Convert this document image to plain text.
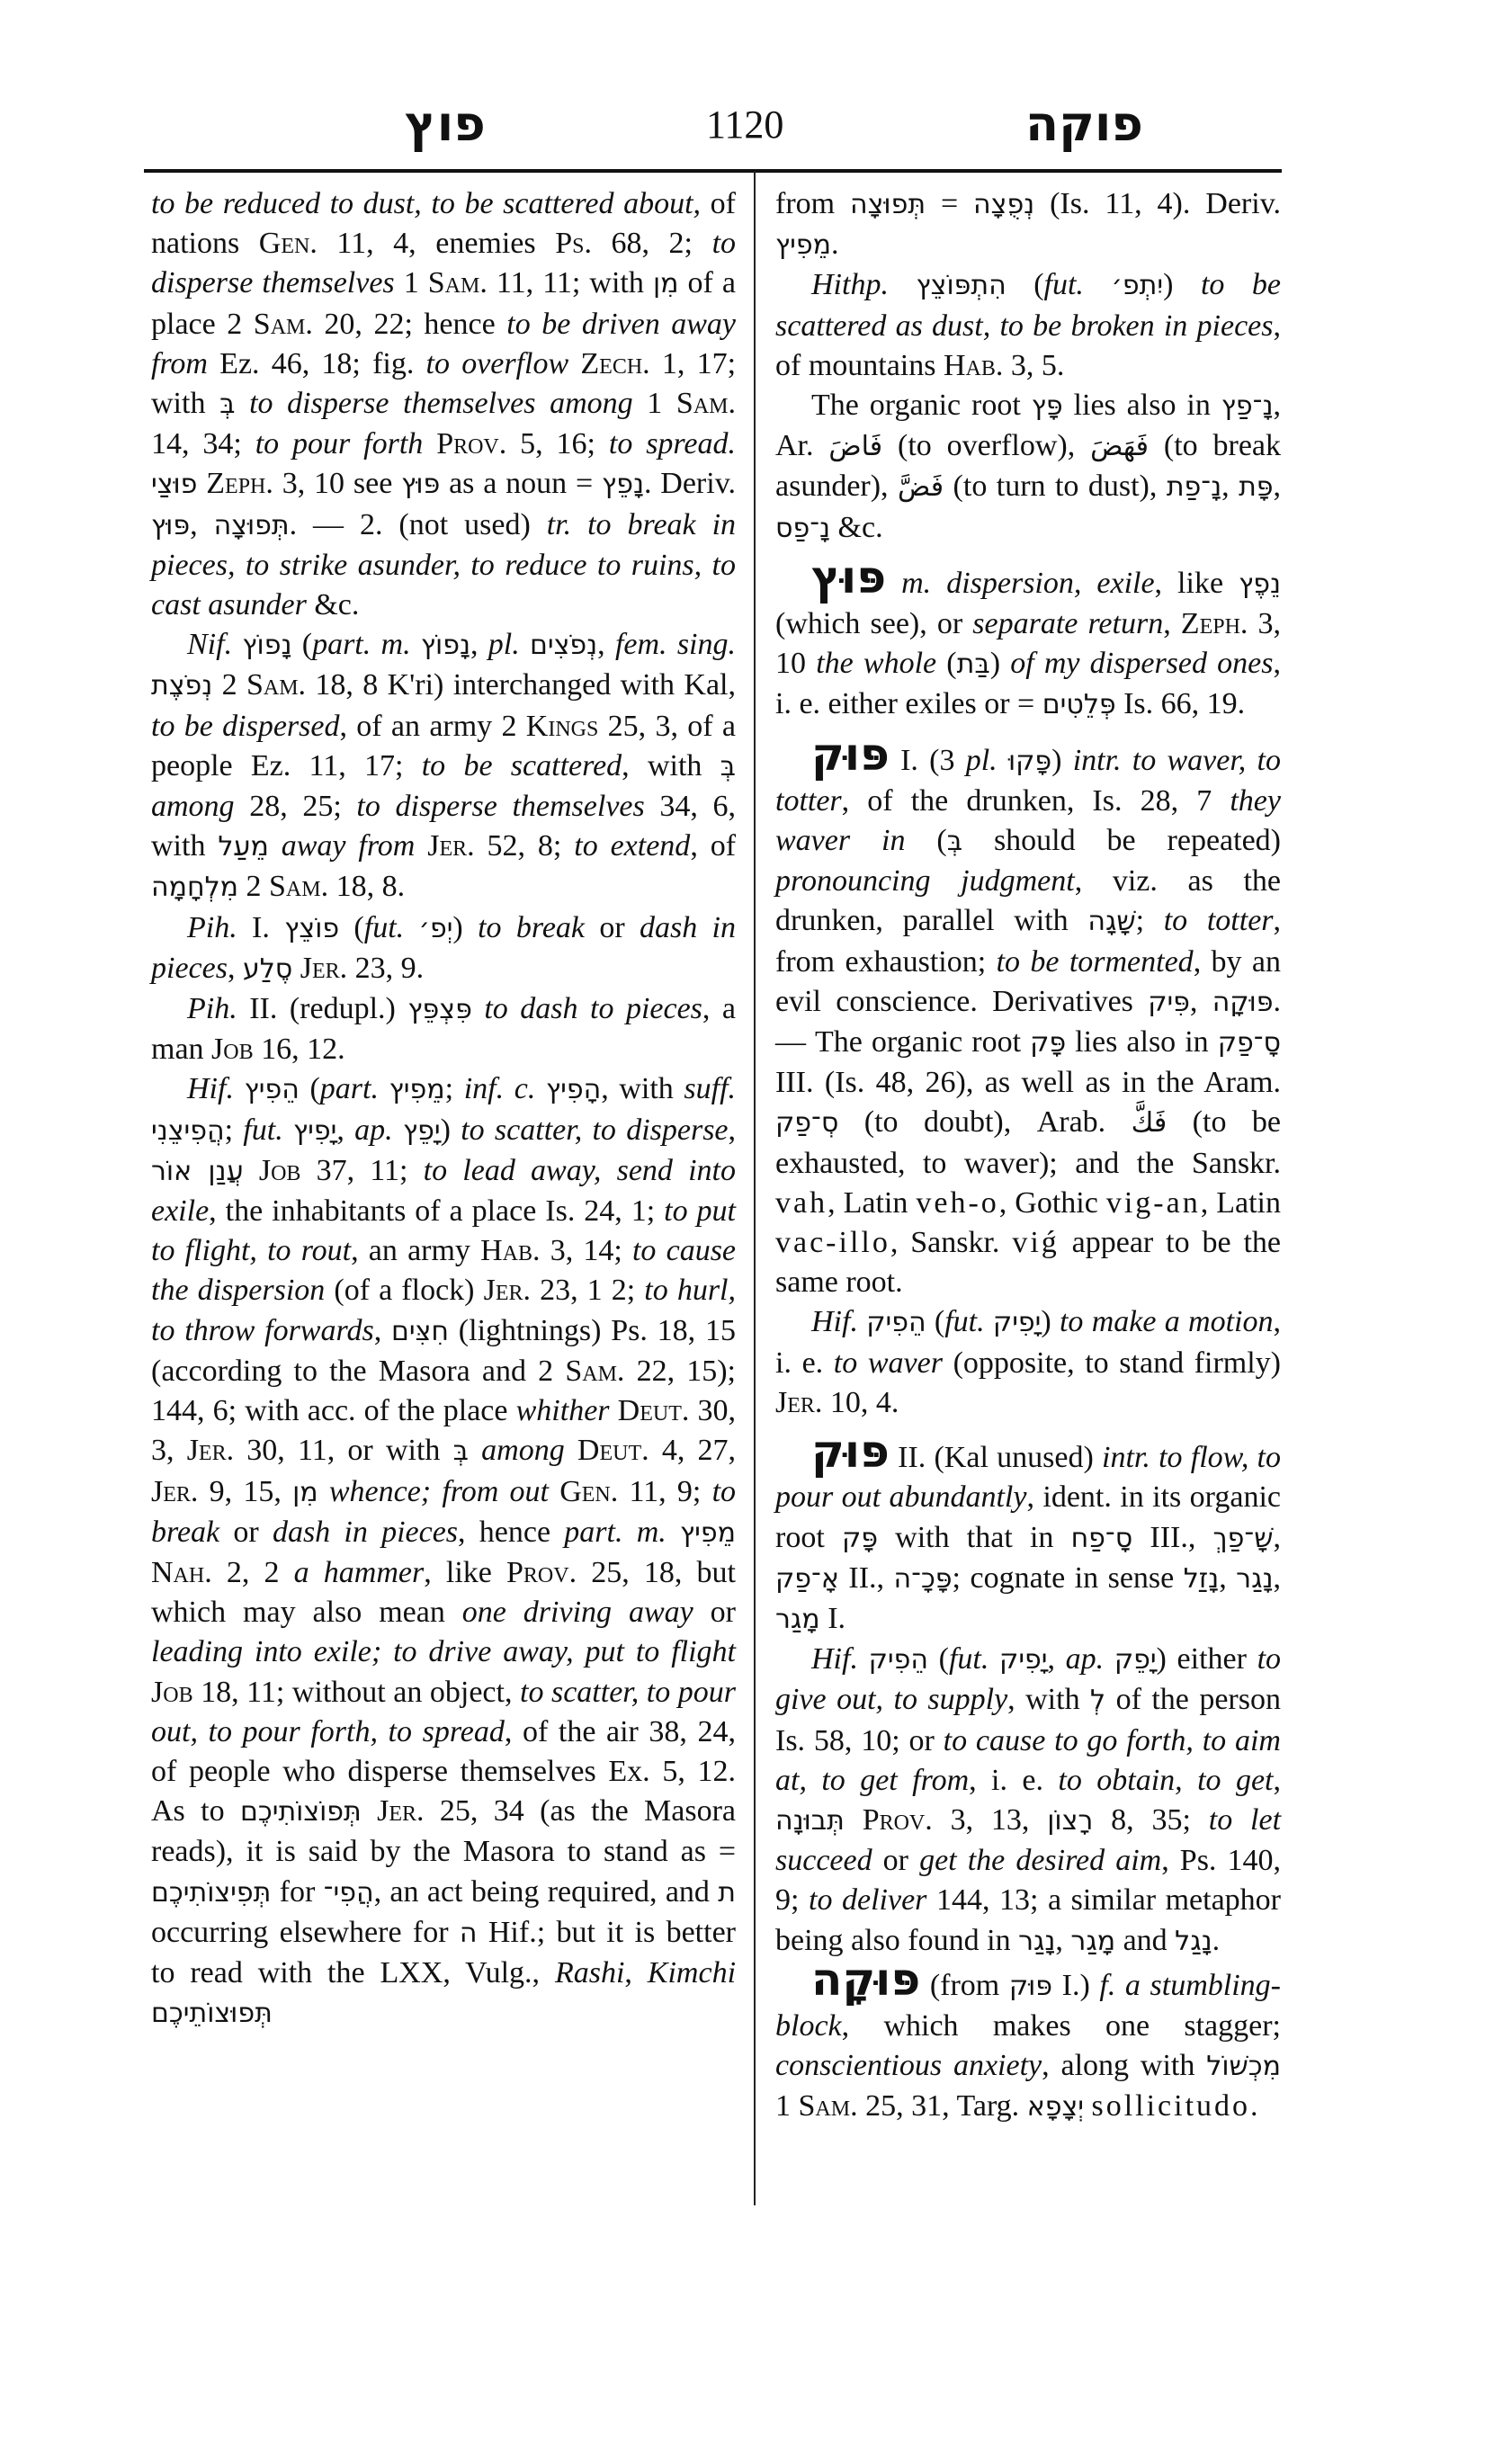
פוץ	1120	פוקה

to be reduced to dust, to be scattered about, of nations Gen. 11, 4, enemies Ps. 68, 2; to disperse themselves 1 Sam. 11, 11; with מִן of a place 2 Sam. 20, 22; hence to be driven away from Ez. 46, 18; fig. to overflow Zech. 1, 17; with בְּ to disperse themselves among 1 Sam. 14, 34; to pour forth Prov. 5, 16; to spread. פוּצַי Zeph. 3, 10 see פּוּץ as a noun = נָפֵץ. Deriv. פּוּץ, תְּפוּצָה. — 2. (not used) tr. to break in pieces, to strike asunder, to reduce to ruins, to cast asunder &c.

Nif. נָפוֹץ (part. m. נָפוֹץ, pl. נְפֹצִים, fem. sing. נְפֹצֶת 2 Sam. 18, 8 K'ri) interchanged with Kal, to be dispersed, of an army 2 Kings 25, 3, of a people Ez. 11, 17; to be scattered, with בְּ among 28, 25; to disperse themselves 34, 6, with מֵעַל away from Jer. 52, 8; to extend, of מִלְחָמָה 2 Sam. 18, 8.

Pih. I. פוֹצֵץ (fut. יְפ׳) to break or dash in pieces, סֶלַע Jer. 23, 9.

Pih. II. (redupl.) פִּצְפֵּץ to dash to pieces, a man Job 16, 12.

Hif. הֵפִיץ (part. מֵפִיץ; inf. c. הָפִיץ, with suff. הֲפִיצֵנִי; fut. יָפִיץ, ap. יָפֵץ) to scatter, to disperse, עֲנַן אוֹר Job 37, 11; to lead away, send into exile, the inhabitants of a place Is. 24, 1; to put to flight, to rout, an army Hab. 3, 14; to cause the dispersion (of a flock) Jer. 23, 1 2; to hurl, to throw forwards, חִצִּים (lightnings) Ps. 18, 15 (according to the Masora and 2 Sam. 22, 15); 144, 6; with acc. of the place whither Deut. 30, 3, Jer. 30, 11, or with בְּ among Deut. 4, 27, Jer. 9, 15, מִן whence; from out Gen. 11, 9; to break or dash in pieces, hence part. m. מֵפִיץ Nah. 2, 2 a hammer, like Prov. 25, 18, but which may also mean one driving away or leading into exile; to drive away, put to flight Job 18, 11; without an object, to scatter, to pour out, to pour forth, to spread, of the air 38, 24, of people who disperse themselves Ex. 5, 12. As to תְּפוֹצוֹתִיכֶם Jer. 25, 34 (as the Masora reads), it is said by the Masora to stand as = תְּפִיצוֹתִיכֶם for הֲפִי־, an act being required, and ת occurring elsewhere for ה Hif.; but it is better to read with the LXX, Vulg., Rashi, Kimchi תְּפוּצוֹתֵיכֶם

from תְּפוּצָה = נְפֻצָה (Is. 11, 4). Deriv. מֵפִיץ.

Hithp. הִתְפּוֹצֵץ (fut. יִתְפ׳) to be scattered as dust, to be broken in pieces, of mountains Hab. 3, 5.

The organic root פָּץ lies also in נָ־פַץ, Ar. فَاضَ (to overflow), فَهَضَ (to break asunder), فَضَّ (to turn to dust), נָ־פַת, פָּת, נָ־פַס &c.

פּוּץ m. dispersion, exile, like נֵפֶץ (which see), or separate return, Zeph. 3, 10 the whole (בַּת) of my dispersed ones, i. e. either exiles or = פְּלֵטִים Is. 66, 19.

פּוּק I. (3 pl. פָּקוּ) intr. to waver, to totter, of the drunken, Is. 28, 7 they waver in (בְּ should be repeated) pronouncing judgment, viz. as the drunken, parallel with שָׁגָה; to totter, from exhaustion; to be tormented, by an evil conscience. Derivatives פִּיק, פּוּקָה. — The organic root פָּק lies also in סָ־פַק III. (Is. 48, 26), as well as in the Aram. סְ־פַק (to doubt), Arab. فَكَّ (to be exhausted, to waver); and the Sanskr. vah, Latin veh-o, Gothic vig-an, Latin vac-illo, Sanskr. viǵ appear to be the same root.

Hif. הֵפִיק (fut. יָפִיק) to make a motion, i. e. to waver (opposite, to stand firmly) Jer. 10, 4.

פּוּק II. (Kal unused) intr. to flow, to pour out abundantly, ident. in its organic root פָּק with that in סָ־פַח III., שָׁ־פַךְ, אָ־פַק II., פָּכָ־ה; cognate in sense נָזַל, נָגַר, מָגַר I.

Hif. הֵפִיק (fut. יָפִיק, ap. יָפֵק) either to give out, to supply, with לְ of the person Is. 58, 10; or to cause to go forth, to aim at, to get from, i. e. to obtain, to get, תְּבוּנָה Prov. 3, 13, רָצוֹן 8, 35; to let succeed or get the desired aim, Ps. 140, 9; to deliver 144, 13; a similar metaphor being also found in נָגַר, מָגַר and נָגַל.

פּוּקָה (from פּוּק I.) f. a stumbling-block, which makes one stagger; conscientious anxiety, along with מִכְשׁוֹל 1 Sam. 25, 31, Targ. יְצָפָא sollicitudo.
